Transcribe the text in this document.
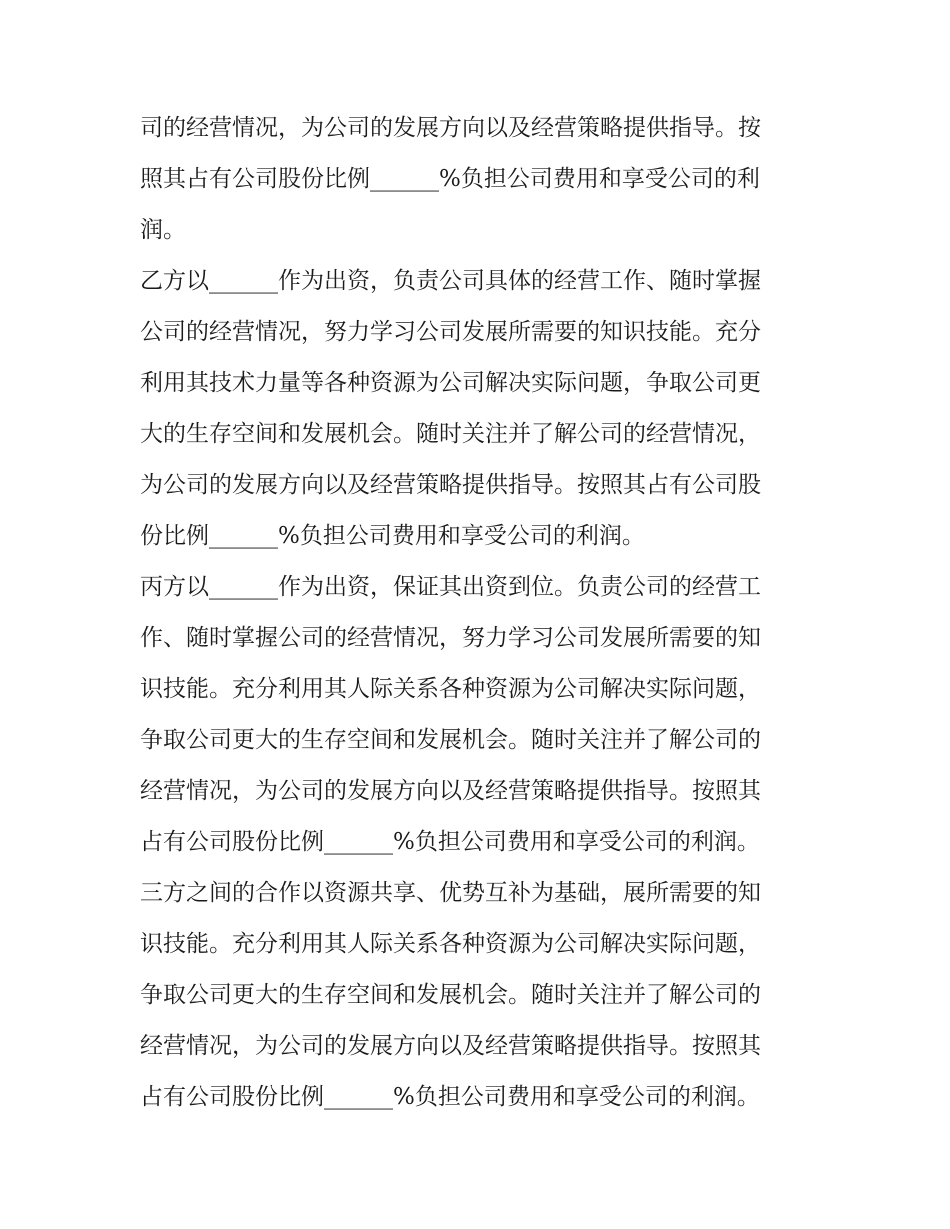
司的经营情况，为公司的发展方向以及经营策略提供指导。按
照其占有公司股份比例______%负担公司费用和享受公司的利
润。
乙方以______作为出资，负责公司具体的经营工作、随时掌握
公司的经营情况，努力学习公司发展所需要的知识技能。充分
利用其技术力量等各种资源为公司解决实际问题，争取公司更
大的生存空间和发展机会。随时关注并了解公司的经营情况，
为公司的发展方向以及经营策略提供指导。按照其占有公司股
份比例______%负担公司费用和享受公司的利润。
丙方以______作为出资，保证其出资到位。负责公司的经营工
作、随时掌握公司的经营情况，努力学习公司发展所需要的知
识技能。充分利用其人际关系各种资源为公司解决实际问题，
争取公司更大的生存空间和发展机会。随时关注并了解公司的
经营情况，为公司的发展方向以及经营策略提供指导。按照其
占有公司股份比例______%负担公司费用和享受公司的利润。
三方之间的合作以资源共享、优势互补为基础，展所需要的知
识技能。充分利用其人际关系各种资源为公司解决实际问题，
争取公司更大的生存空间和发展机会。随时关注并了解公司的
经营情况，为公司的发展方向以及经营策略提供指导。按照其
占有公司股份比例______%负担公司费用和享受公司的利润。
